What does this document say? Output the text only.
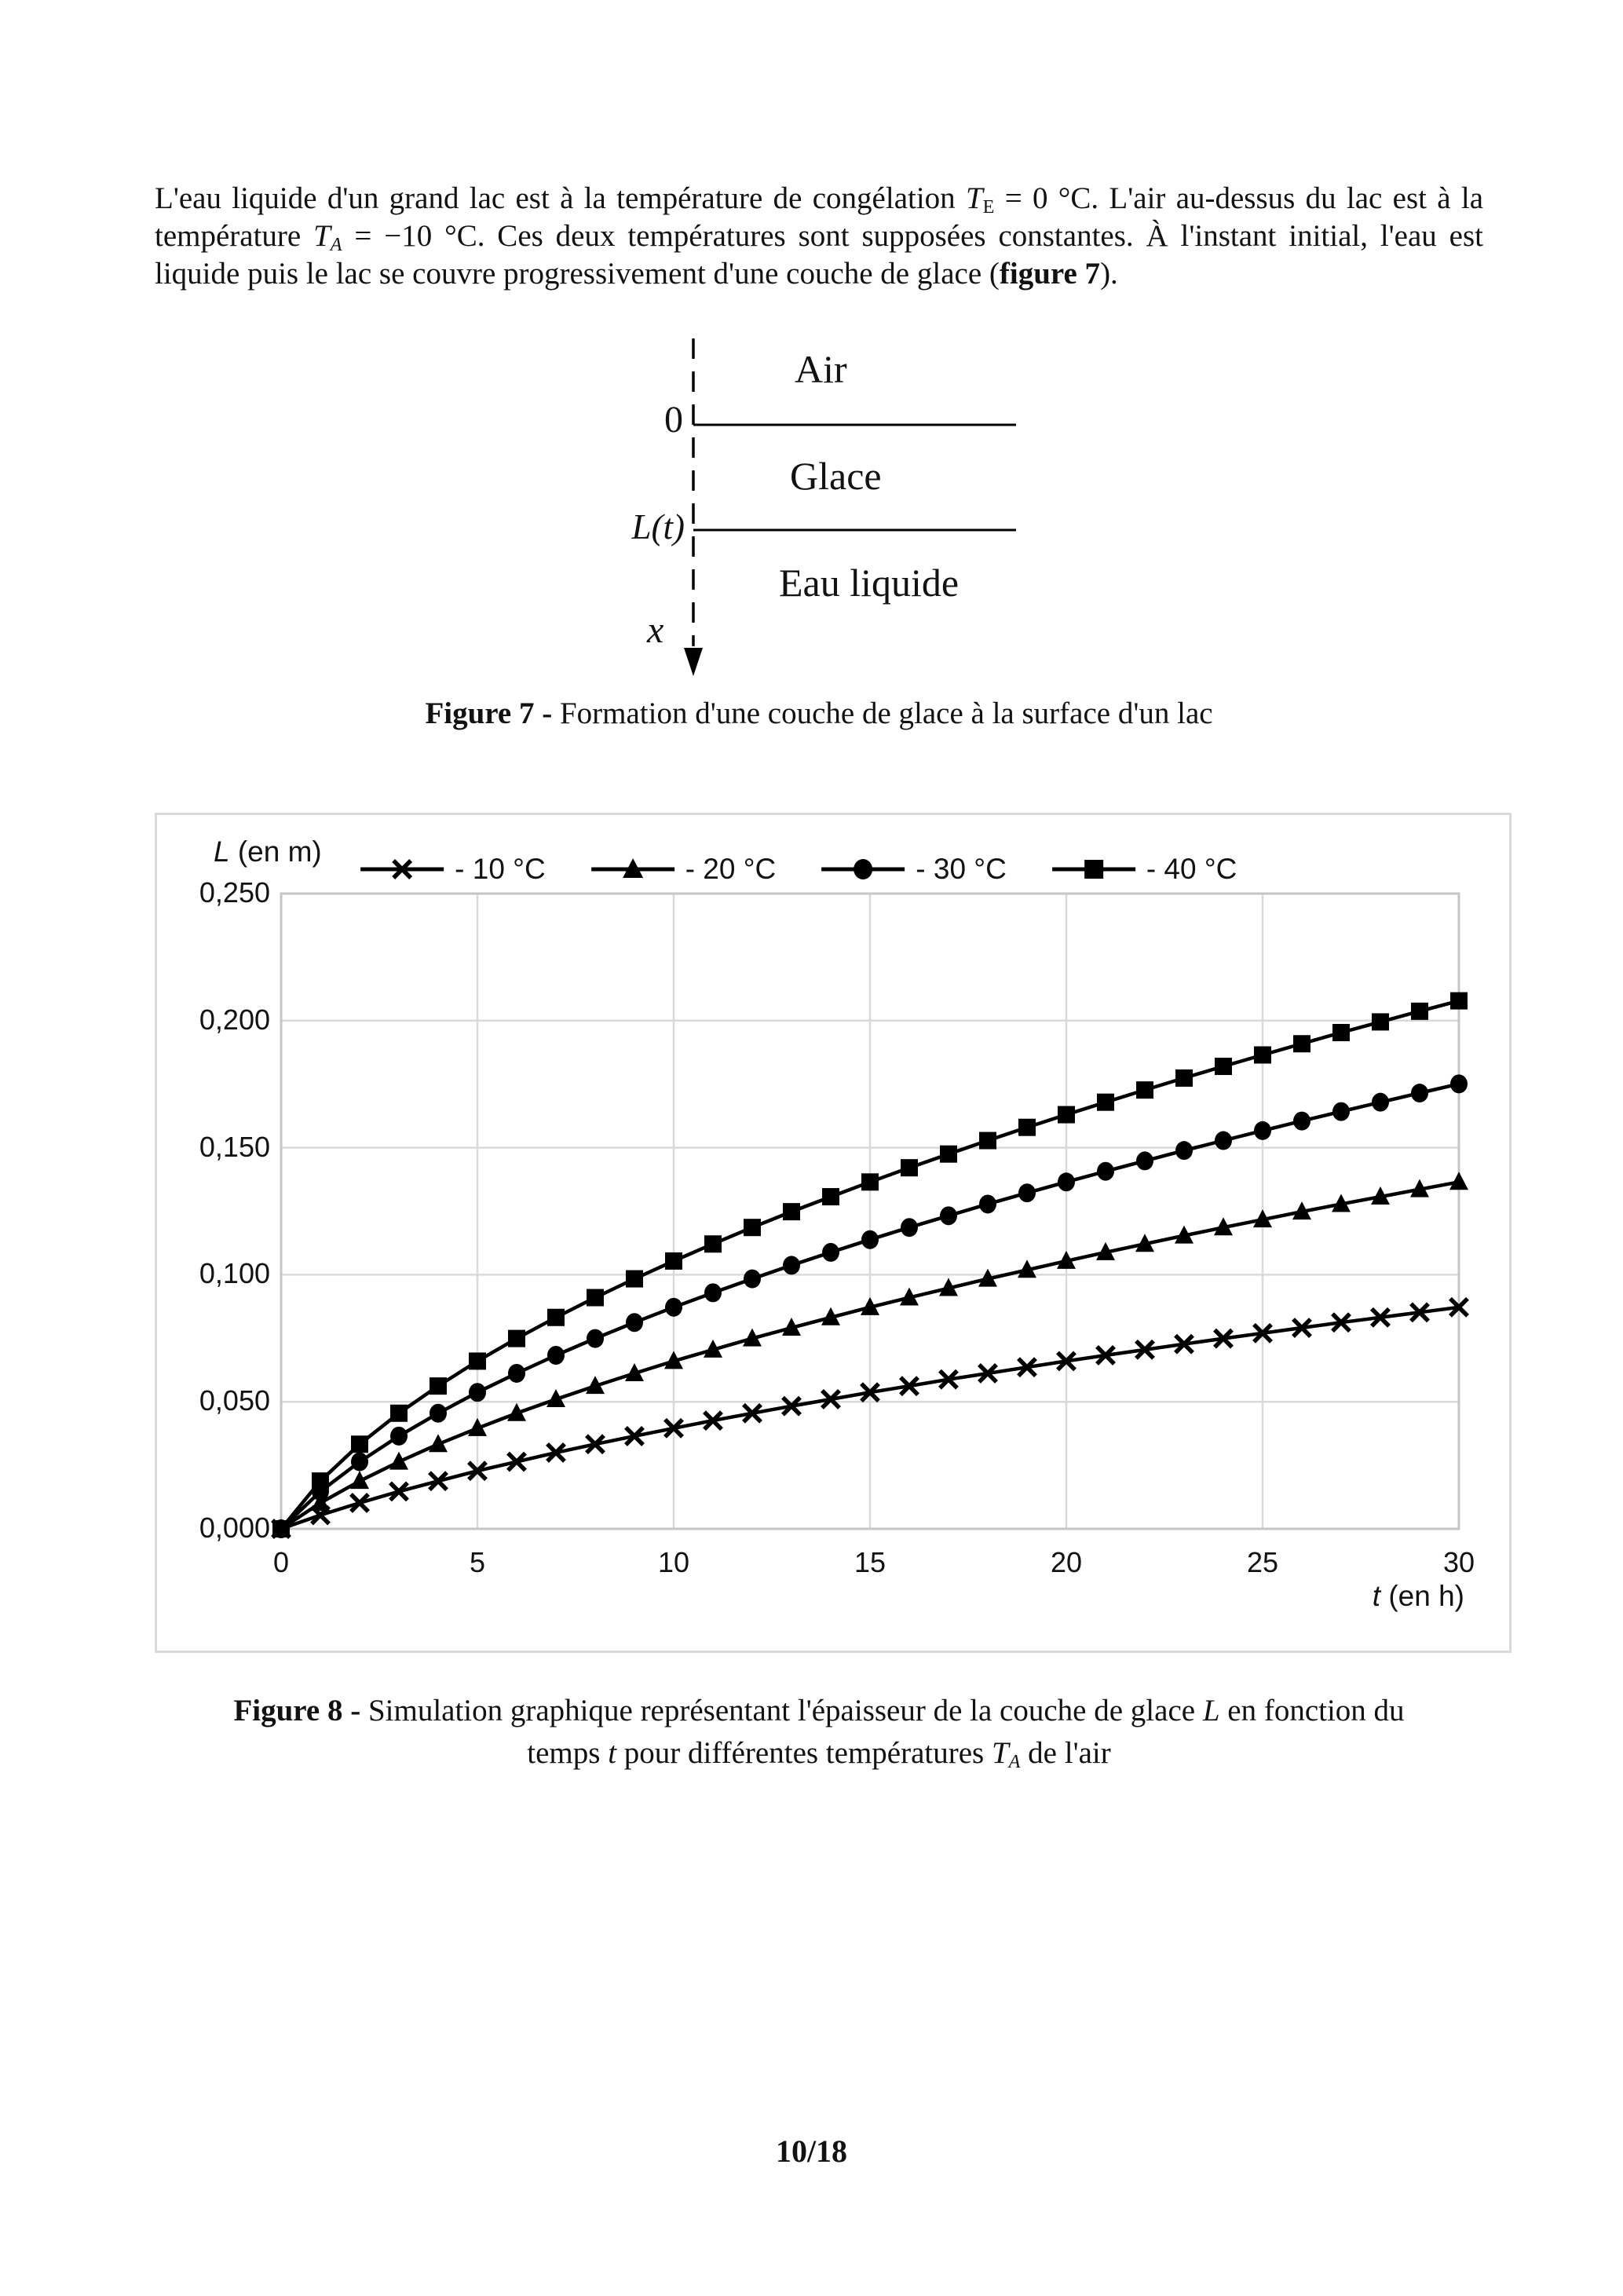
L'eau liquide d'un grand lac est à la température de congélation $T_E = 0$ °C. L'air au-dessus du lac est à la température $T_A = -10$ °C. Ces deux températures sont supposées constantes. À l'instant initial, l'eau est liquide puis le lac se couvre progressivement d'une couche de glace (figure 7).

Air
Glace
Eau liquide
0
L(t)
x
Figure 7 - Formation d'une couche de glace à la surface d'un lac
L (en m)
- 10 °C	- 20 °C	- 30 °C	- 40 °C
0,000
0,050
0,100
0,150
0,200
0,250
0	5	10	15	20	25	30
t (en h)
Figure 8 - Simulation graphique représentant l'épaisseur de la couche de glace L en fonction du
temps t pour différentes températures $T_A$ de l'air
10/18
